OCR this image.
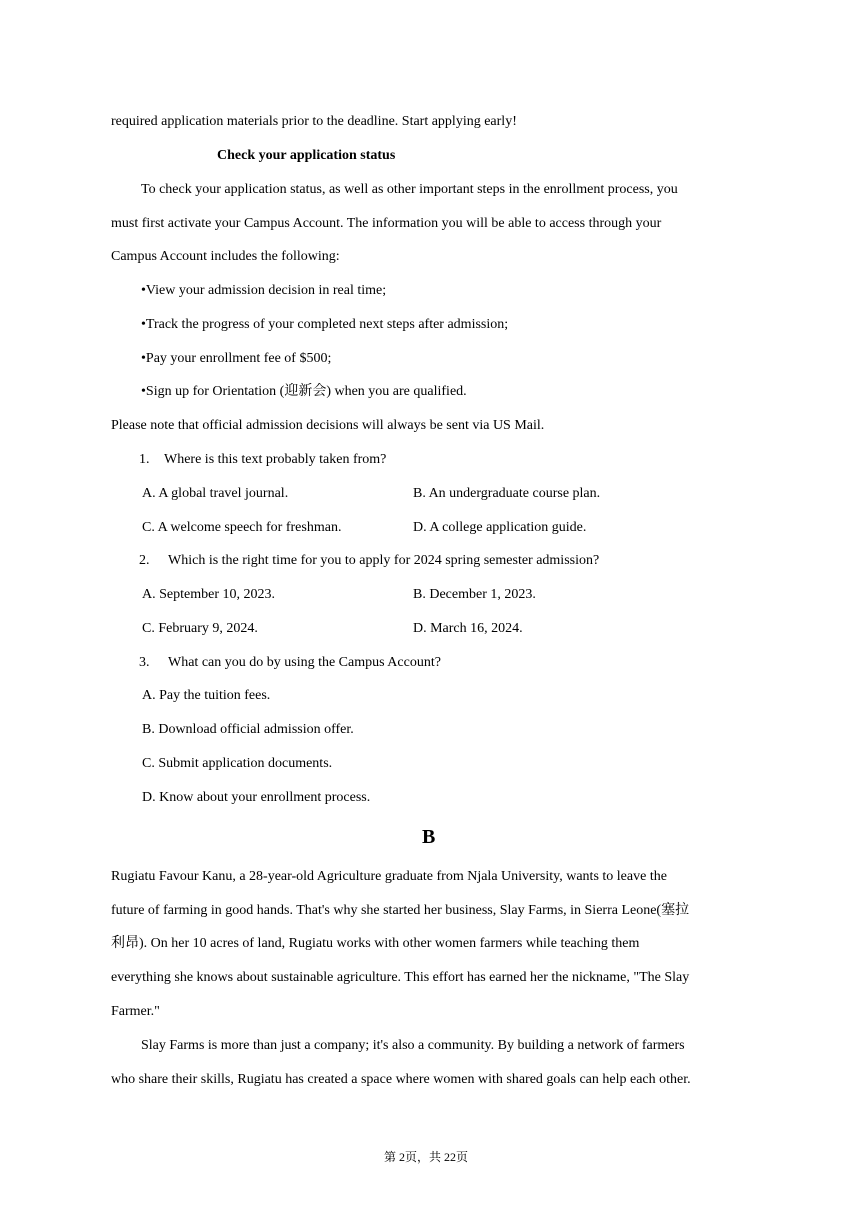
required application materials prior to the deadline. Start applying early!
Check your application status
To check your application status, as well as other important steps in the enrollment process, you
must first activate your Campus Account. The information you will be able to access through your
Campus Account includes the following:
•View your admission decision in real time;
•Track the progress of your completed next steps after admission;
•Pay your enrollment fee of $500;
•Sign up for Orientation (迎新会) when you are qualified.
Please note that official admission decisions will always be sent via US Mail.
1. Where is this text probably taken from?
A. A global travel journal.	B. An undergraduate course plan.
C. A welcome speech for freshman.	D. A college application guide.
2. Which is the right time for you to apply for 2024 spring semester admission?
A. September 10, 2023.	B. December 1, 2023.
C. February 9, 2024.	D. March 16, 2024.
3. What can you do by using the Campus Account?
A. Pay the tuition fees.
B. Download official admission offer.
C. Submit application documents.
D. Know about your enrollment process.
B
Rugiatu Favour Kanu, a 28-year-old Agriculture graduate from Njala University, wants to leave the
future of farming in good hands. That's why she started her business, Slay Farms, in Sierra Leone(塞拉
利昂). On her 10 acres of land, Rugiatu works with other women farmers while teaching them
everything she knows about sustainable agriculture. This effort has earned her the nickname, "The Slay
Farmer."
Slay Farms is more than just a company; it's also a community. By building a network of farmers
who share their skills, Rugiatu has created a space where women with shared goals can help each other.
第 2页，共 22页
